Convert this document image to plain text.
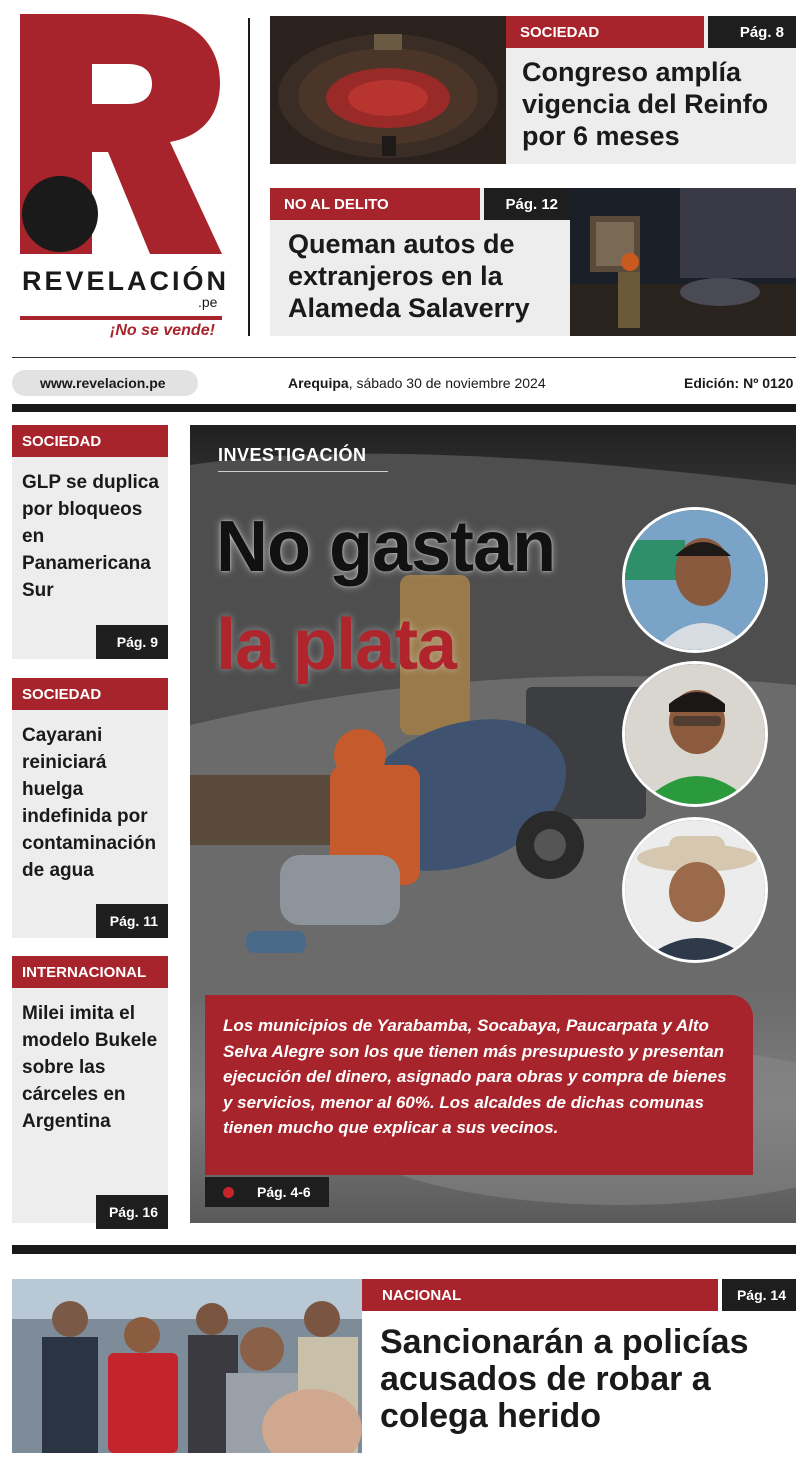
REVELACIÓN
.pe
¡No se vende!
SOCIEDAD	Pág. 8
Congreso amplía vigencia del Reinfo por 6 meses
NO AL DELITO	Pág. 12
Queman autos de extranjeros en la Alameda Salaverry
www.revelacion.pe	Arequipa, sábado 30 de noviembre 2024	Edición: Nº 0120
SOCIEDAD
GLP se duplica por bloqueos en Panamericana Sur
Pág. 9
SOCIEDAD
Cayarani reiniciará huelga indefinida por contaminación de agua
Pág. 11
INTERNACIONAL
Milei imita el modelo Bukele sobre las cárceles en Argentina
Pág. 16
INVESTIGACIÓN
No gastan
la plata
Los municipios de Yarabamba, Socabaya, Paucarpata y Alto Selva Alegre son los que tienen más presupuesto y presentan ejecución del dinero, asignado para obras y compra de bienes y servicios, menor al 60%. Los alcaldes de dichas comunas tienen mucho que explicar a sus vecinos.
Pág. 4-6
NACIONAL	Pág. 14
Sancionarán a policías acusados de robar a colega herido
